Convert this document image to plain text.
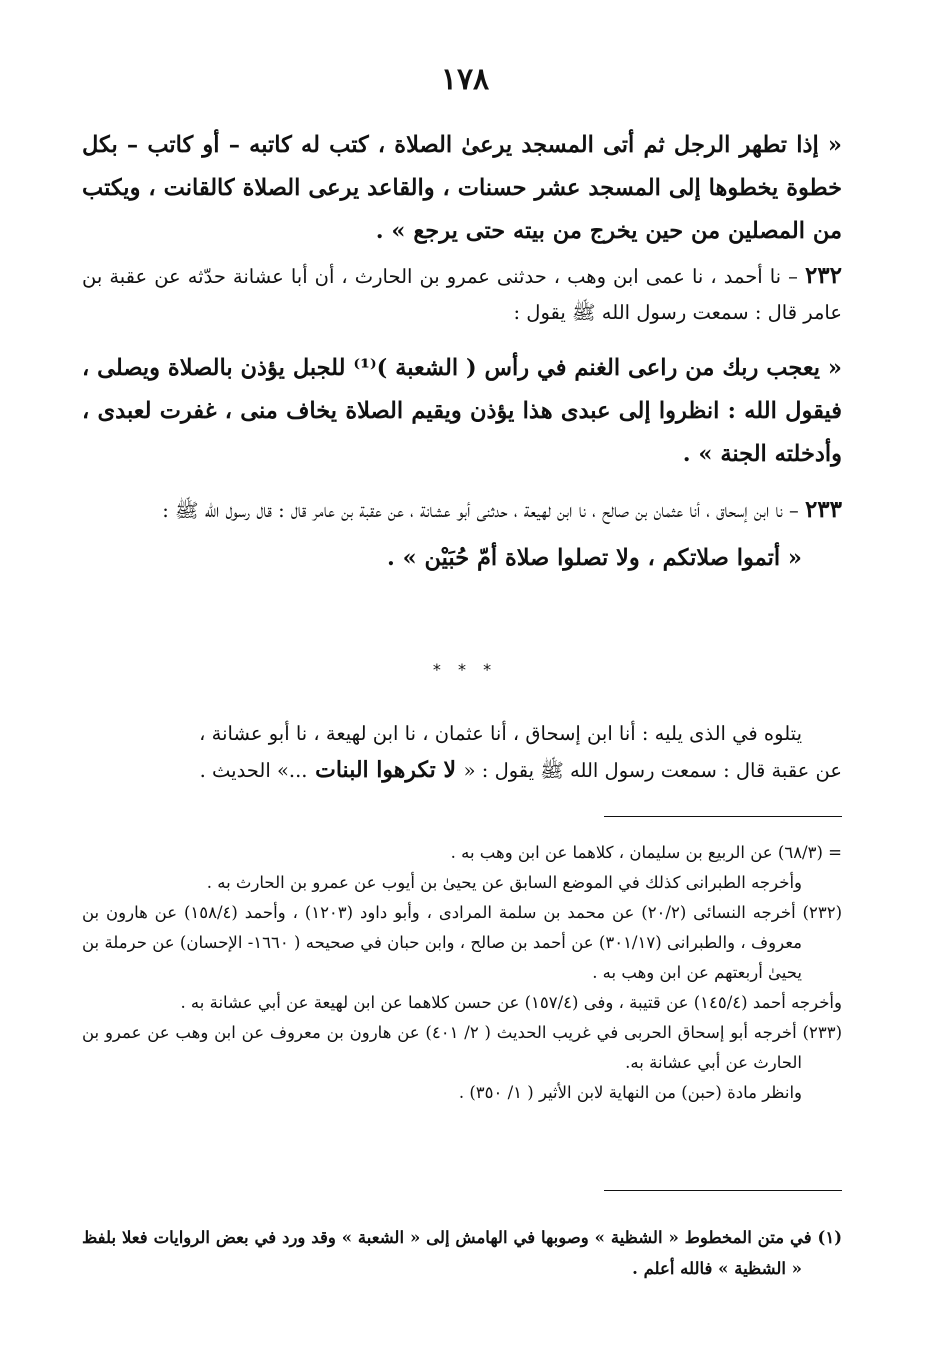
١٧٨

« إذا تطهر الرجل ثم أتى المسجد يرعىٰ الصلاة ، كتب له كاتبه – أو كاتب – بكل خطوة يخطوها إلى المسجد عشر حسنات ، والقاعد يرعى الصلاة كالقانت ، ويكتب من المصلين من حين يخرج من بيته حتى يرجع » .

٢٣٢ – نا أحمد ، نا عمى ابن وهب ، حدثنى عمرو بن الحارث ، أن أبا عشانة حدّثه عن عقبة بن عامر قال : سمعت رسول الله ﷺ يقول :

« يعجب ربك من راعى الغنم في رأس ( الشعبة )⁽¹⁾ للجبل يؤذن بالصلاة ويصلى ، فيقول الله : انظروا إلى عبدى هذا يؤذن ويقيم الصلاة يخاف منى ، غفرت لعبدى ، وأدخلته الجنة » .

٢٣٣ – نا ابن إسحاق ، أنا عثمان بن صالح ، نا ابن لهيعة ، حدثنى أبو عشانة ، عن عقبة بن عامر قال : قال رسول الله ﷺ :

« أتموا صلاتكم ، ولا تصلوا صلاة أمّ حُبَيْن » .

* * *

يتلوه في الذى يليه : أنا ابن إسحاق ، أنا عثمان ، نا ابن لهيعة ، نا أبو عشانة ،

عن عقبة قال : سمعت رسول الله ﷺ يقول : « لا تكرهوا البنات ...» الحديث .

= (٦٨/٣) عن الربيع بن سليمان ، كلاهما عن ابن وهب به .

وأخرجه الطبرانى كذلك في الموضع السابق عن يحيىٰ بن أيوب عن عمرو بن الحارث به .

(٢٣٢) أخرجه النسائى (٢٠/٢) عن محمد بن سلمة المرادى ، وأبو داود (١٢٠٣) ، وأحمد (١٥٨/٤) عن هارون بن معروف ، والطبرانى (٣٠١/١٧) عن أحمد بن صالح ، وابن حبان في صحيحه ( ١٦٦٠- الإحسان) عن حرملة بن يحيىٰ أربعتهم عن ابن وهب به .

وأخرجه أحمد (١٤٥/٤) عن قتيبة ، وفى (١٥٧/٤) عن حسن كلاهما عن ابن لهيعة عن أبي عشانة به .

(٢٣٣) أخرجه أبو إسحاق الحربى في غريب الحديث ( ٢/ ٤٠١) عن هارون بن معروف عن ابن وهب عن عمرو بن الحارث عن أبي عشانة به.

وانظر مادة (حبن) من النهاية لابن الأثير ( ١/ ٣٥٠) .

(١) في متن المخطوط « الشظية » وصوبها في الهامش إلى « الشعبة » وقد ورد في بعض الروايات فعلا بلفظ « الشظية » فالله أعلم .
